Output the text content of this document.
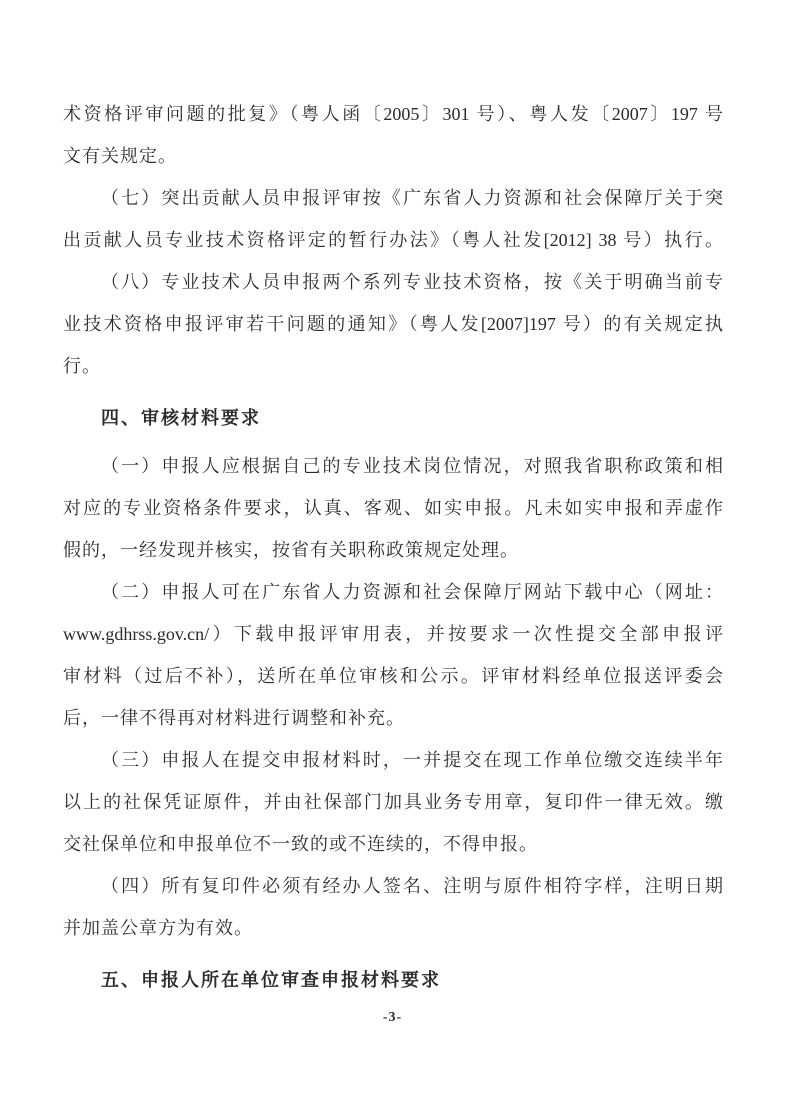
术资格评审问题的批复》（粤人函〔2005〕301 号）、粤人发〔2007〕197 号
文有关规定。
（七）突出贡献人员申报评审按《广东省人力资源和社会保障厅关于突
出贡献人员专业技术资格评定的暂行办法》（粤人社发[2012] 38 号）执行。
（八）专业技术人员申报两个系列专业技术资格，按《关于明确当前专
业技术资格申报评审若干问题的通知》（粤人发[2007]197 号）的有关规定执
行。
四、审核材料要求
（一）申报人应根据自己的专业技术岗位情况，对照我省职称政策和相
对应的专业资格条件要求，认真、客观、如实申报。凡未如实申报和弄虚作
假的，一经发现并核实，按省有关职称政策规定处理。
（二）申报人可在广东省人力资源和社会保障厅网站下载中心（网址：
www.gdhrss.gov.cn/）下载申报评审用表，并按要求一次性提交全部申报评
审材料（过后不补），送所在单位审核和公示。评审材料经单位报送评委会
后，一律不得再对材料进行调整和补充。
（三）申报人在提交申报材料时，一并提交在现工作单位缴交连续半年
以上的社保凭证原件，并由社保部门加具业务专用章，复印件一律无效。缴
交社保单位和申报单位不一致的或不连续的，不得申报。
（四）所有复印件必须有经办人签名、注明与原件相符字样，注明日期
并加盖公章方为有效。
五、申报人所在单位审查申报材料要求
-3-
